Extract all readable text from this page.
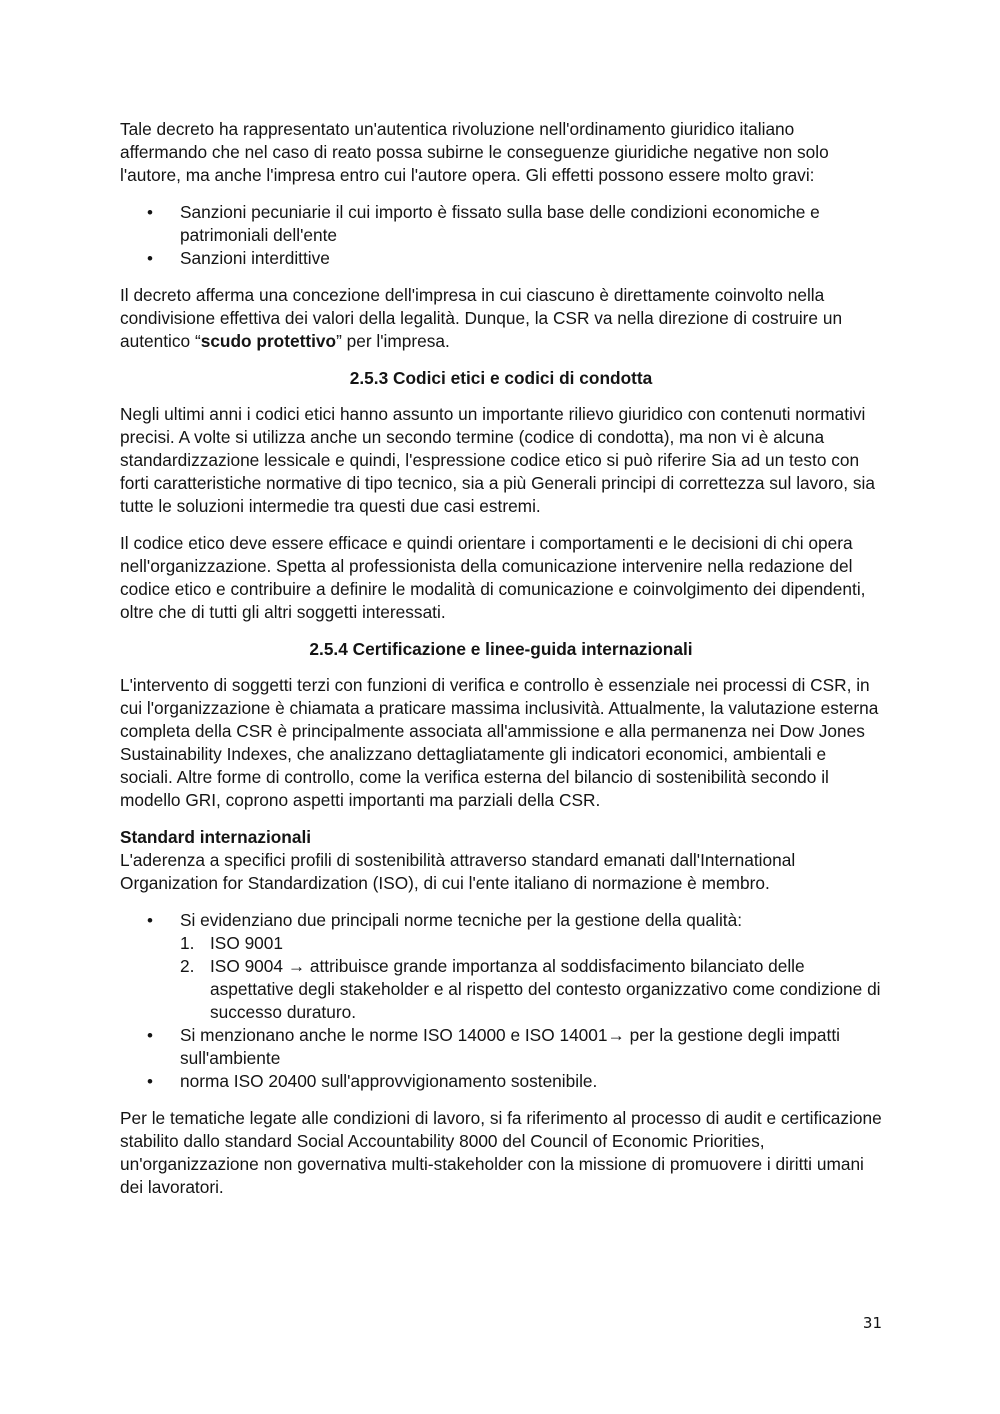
Tale decreto ha rappresentato un'autentica rivoluzione nell'ordinamento giuridico italiano affermando che nel caso di reato possa subirne le conseguenze giuridiche negative non solo l'autore, ma anche l'impresa entro cui l'autore opera. Gli effetti possono essere molto gravi:

• Sanzioni pecuniarie il cui importo è fissato sulla base delle condizioni economiche e patrimoniali dell'ente
• Sanzioni interdittive

Il decreto afferma una concezione dell'impresa in cui ciascuno è direttamente coinvolto nella condivisione effettiva dei valori della legalità. Dunque, la CSR va nella direzione di costruire un autentico “scudo protettivo” per l'impresa.

2.5.3 Codici etici e codici di condotta

Negli ultimi anni i codici etici hanno assunto un importante rilievo giuridico con contenuti normativi precisi. A volte si utilizza anche un secondo termine (codice di condotta), ma non vi è alcuna standardizzazione lessicale e quindi, l'espressione codice etico si può riferire Sia ad un testo con forti caratteristiche normative di tipo tecnico, sia a più Generali principi di correttezza sul lavoro, sia tutte le soluzioni intermedie tra questi due casi estremi.

Il codice etico deve essere efficace e quindi orientare i comportamenti e le decisioni di chi opera nell'organizzazione. Spetta al professionista della comunicazione intervenire nella redazione del codice etico e contribuire a definire le modalità di comunicazione e coinvolgimento dei dipendenti, oltre che di tutti gli altri soggetti interessati.

2.5.4 Certificazione e linee-guida internazionali

L'intervento di soggetti terzi con funzioni di verifica e controllo è essenziale nei processi di CSR, in cui l'organizzazione è chiamata a praticare massima inclusività. Attualmente, la valutazione esterna completa della CSR è principalmente associata all'ammissione e alla permanenza nei Dow Jones Sustainability Indexes, che analizzano dettagliatamente gli indicatori economici, ambientali e sociali. Altre forme di controllo, come la verifica esterna del bilancio di sostenibilità secondo il modello GRI, coprono aspetti importanti ma parziali della CSR.

Standard internazionali

L'aderenza a specifici profili di sostenibilità attraverso standard emanati dall'International Organization for Standardization (ISO), di cui l'ente italiano di normazione è membro.

• Si evidenziano due principali norme tecniche per la gestione della qualità:
1. ISO 9001
2. ISO 9004 → attribuisce grande importanza al soddisfacimento bilanciato delle aspettative degli stakeholder e al rispetto del contesto organizzativo come condizione di successo duraturo.
• Si menzionano anche le norme ISO 14000 e ISO 14001→ per la gestione degli impatti sull'ambiente
• norma ISO 20400 sull'approvvigionamento sostenibile.

Per le tematiche legate alle condizioni di lavoro, si fa riferimento al processo di audit e certificazione stabilito dallo standard Social Accountability 8000 del Council of Economic Priorities, un'organizzazione non governativa multi-stakeholder con la missione di promuovere i diritti umani dei lavoratori.

31
